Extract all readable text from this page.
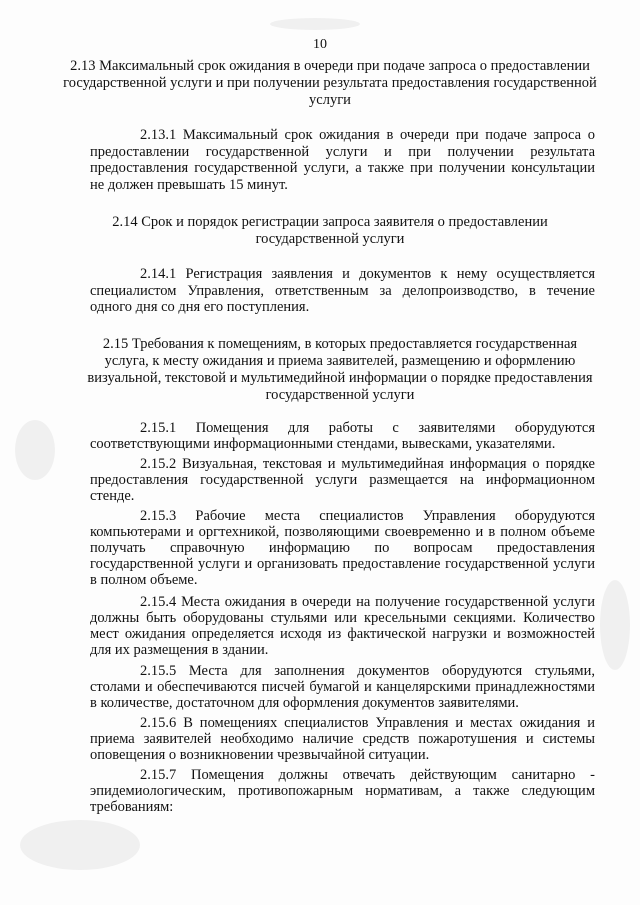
10
2.13 Максимальный срок ожидания в очереди при подаче запроса о предоставлении государственной услуги и при получении результата предоставления государственной услуги
2.13.1 Максимальный срок ожидания в очереди при подаче запроса о предоставлении государственной услуги и при получении результата предоставления государственной услуги, а также при получении консультации не должен превышать 15 минут.
2.14 Срок и порядок регистрации запроса заявителя о предоставлении государственной услуги
2.14.1 Регистрация заявления и документов к нему осуществляется специалистом Управления, ответственным за делопроизводство, в течение одного дня со дня его поступления.
2.15 Требования к помещениям, в которых предоставляется государственная услуга, к месту ожидания и приема заявителей, размещению и оформлению визуальной, текстовой и мультимедийной информации о порядке предоставления государственной услуги
2.15.1 Помещения для работы с заявителями оборудуются соответствующими информационными стендами, вывесками, указателями.
2.15.2 Визуальная, текстовая и мультимедийная информация о порядке предоставления государственной услуги размещается на информационном стенде.
2.15.3 Рабочие места специалистов Управления оборудуются компьютерами и оргтехникой, позволяющими своевременно и в полном объеме получать справочную информацию по вопросам предоставления государственной услуги и организовать предоставление государственной услуги в полном объеме.
2.15.4 Места ожидания в очереди на получение государственной услуги должны быть оборудованы стульями или кресельными секциями. Количество мест ожидания определяется исходя из фактической нагрузки и возможностей для их размещения в здании.
2.15.5 Места для заполнения документов оборудуются стульями, столами и обеспечиваются писчей бумагой и канцелярскими принадлежностями в количестве, достаточном для оформления документов заявителями.
2.15.6 В помещениях специалистов Управления и местах ожидания и приема заявителей необходимо наличие средств пожаротушения и системы оповещения о возникновении чрезвычайной ситуации.
2.15.7 Помещения должны отвечать действующим санитарно - эпидемиологическим, противопожарным нормативам, а также следующим требованиям:
